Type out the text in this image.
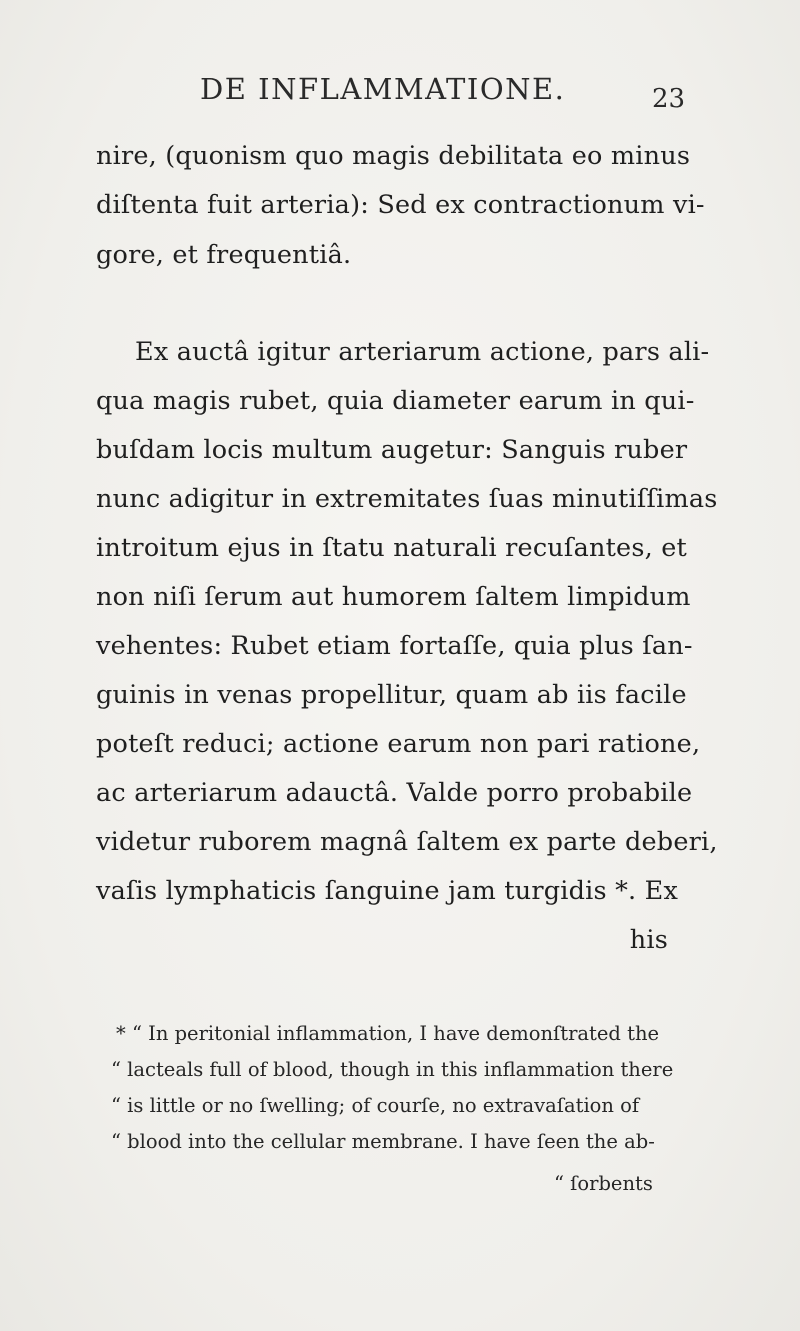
DE INFLAMMATIONE.	23
nire, (quonism quo magis debilitata eo minus
diſtenta fuit arteria): Sed ex contractionum vi-
gore, et frequentiâ.
Ex auctâ igitur arteriarum actione, pars ali-
qua magis rubet, quia diameter earum in qui-
buſdam locis multum augetur: Sanguis ruber
nunc adigitur in extremitates ſuas minutiſſimas
introitum ejus in ſtatu naturali recuſantes, et
non niſi ſerum aut humorem ſaltem limpidum
vehentes: Rubet etiam fortaſſe, quia plus ſan-
guinis in venas propellitur, quam ab iis facile
poteſt reduci; actione earum non pari ratione,
ac arteriarum adauctâ. Valde porro probabile
videtur ruborem magnâ ſaltem ex parte deberi,
vaſis lymphaticis ſanguine jam turgidis *. Ex
his
* “ In peritonial inflammation, I have demonſtrated the
“ lacteals full of blood, though in this inflammation there
“ is little or no ſwelling; of courſe, no extravaſation of
“ blood into the cellular membrane. I have ſeen the ab-
“ ſorbents
